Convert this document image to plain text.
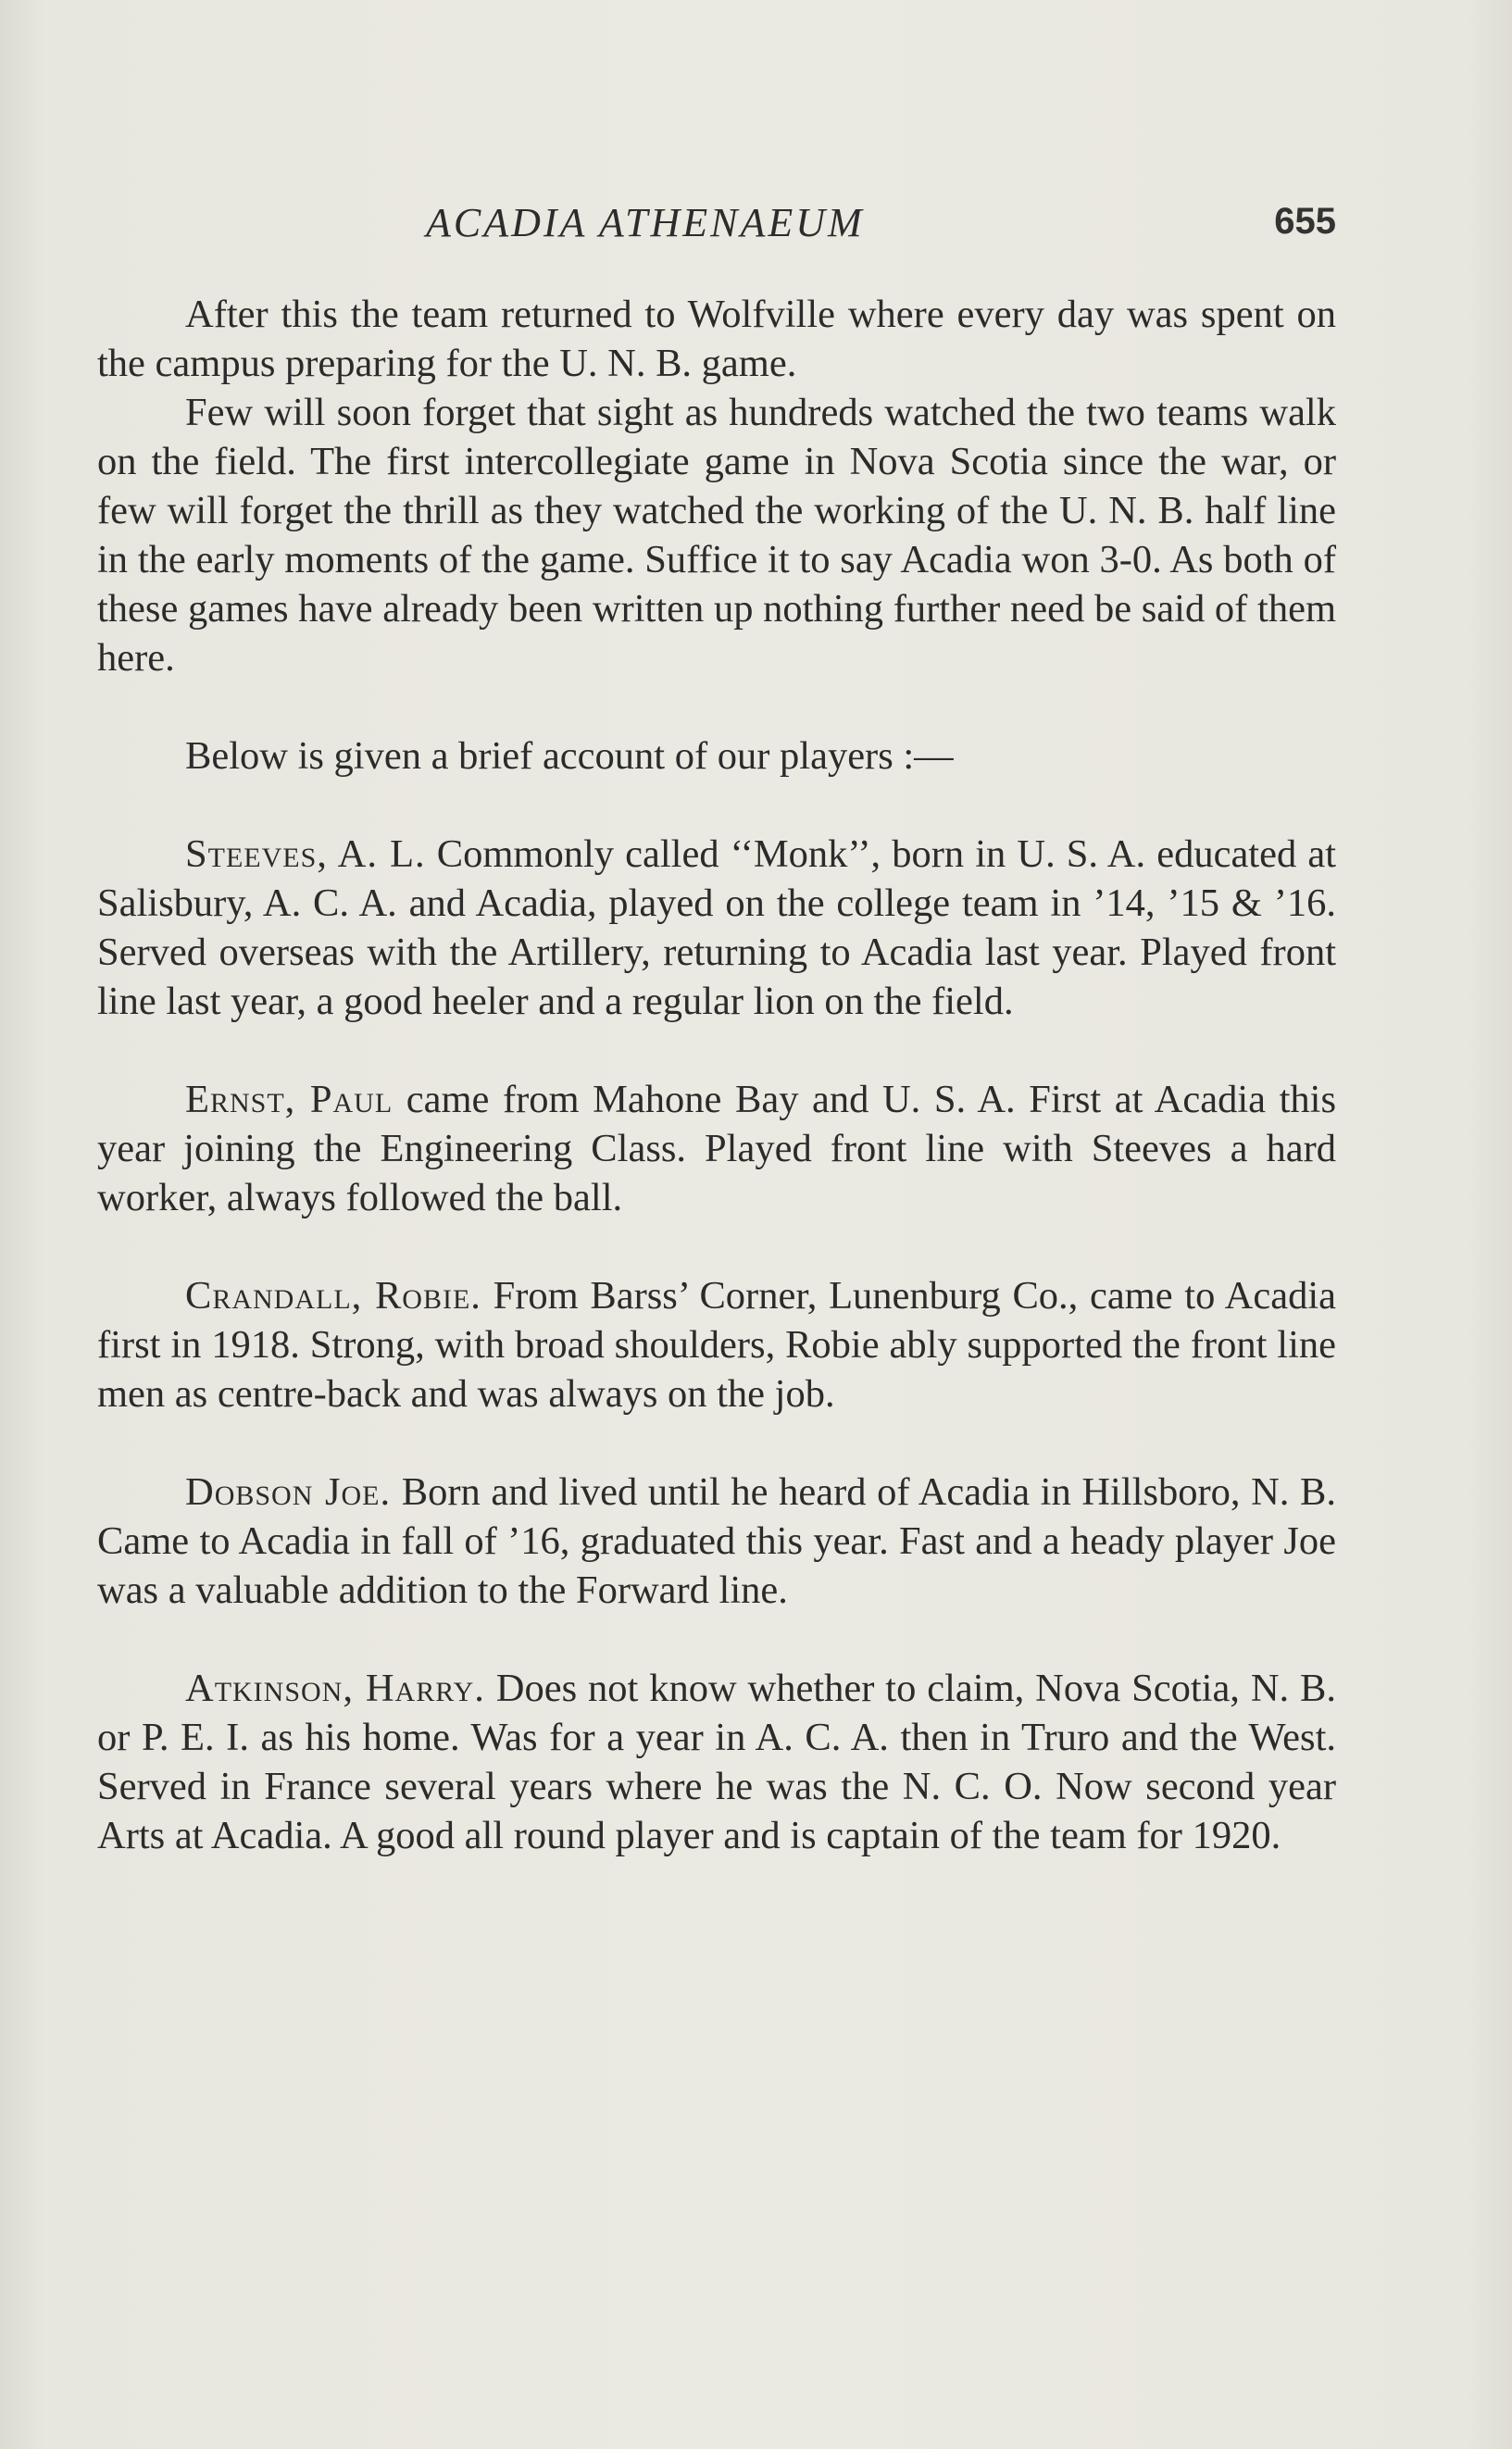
ACADIA ATHENAEUM	655

After this the team returned to Wolfville where every day was spent on the campus preparing for the U. N. B. game.

Few will soon forget that sight as hundreds watched the two teams walk on the field. The first intercollegiate game in Nova Scotia since the war, or few will forget the thrill as they watched the working of the U. N. B. half line in the early moments of the game. Suffice it to say Acadia won 3-0. As both of these games have already been written up nothing further need be said of them here.

Below is given a brief account of our players :—

Steeves, A. L. Commonly called ‘‘Monk’’, born in U. S. A. educated at Salisbury, A. C. A. and Acadia, played on the college team in ’14, ’15 & ’16. Served overseas with the Artillery, returning to Acadia last year. Played front line last year, a good heeler and a regular lion on the field.

Ernst, Paul came from Mahone Bay and U. S. A. First at Acadia this year joining the Engineering Class. Played front line with Steeves a hard worker, always followed the ball.

Crandall, Robie. From Barss’ Corner, Lunenburg Co., came to Acadia first in 1918. Strong, with broad shoulders, Robie ably supported the front line men as centre-back and was always on the job.

Dobson Joe. Born and lived until he heard of Acadia in Hillsboro, N. B. Came to Acadia in fall of ’16, graduated this year. Fast and a heady player Joe was a valuable addition to the Forward line.

Atkinson, Harry. Does not know whether to claim, Nova Scotia, N. B. or P. E. I. as his home. Was for a year in A. C. A. then in Truro and the West. Served in France several years where he was the N. C. O. Now second year Arts at Acadia. A good all round player and is captain of the team for 1920.
